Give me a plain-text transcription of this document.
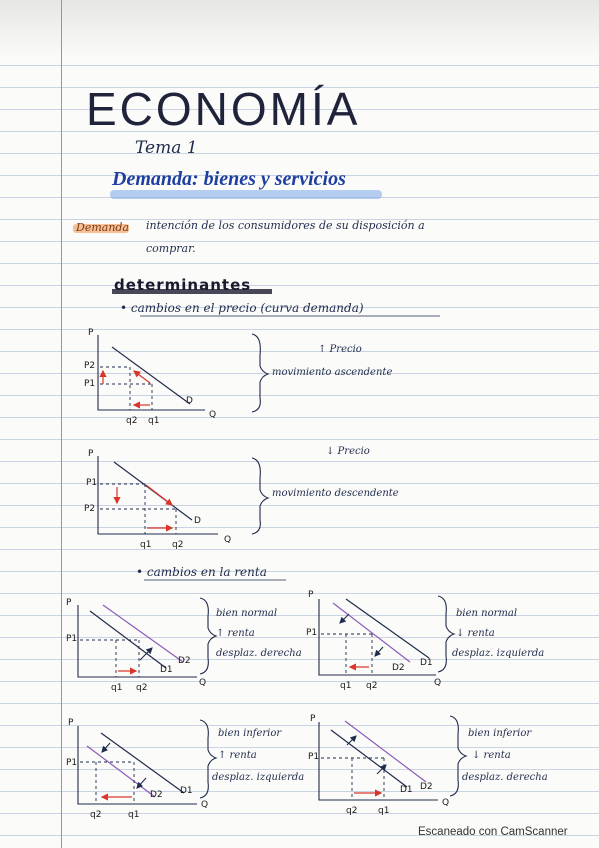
ECONOMÍA
Tema 1
Demanda: bienes y servicios
Demanda intención de los consumidores de su disposición a
comprar.
determinantes
• cambios en el precio (curva demanda)
P
P2
P1
D
q2 q1
Q
↑ Precio
movimiento ascendente
P
P1
P2
D
q1 q2	Q
↓ Precio
movimiento descendente
• cambios en la renta
P
P1
D2
D1
q1 q2	Q
bien normal
↑ renta
desplaz. derecha
P
P1
D2 D1
q1 q2	Q
bien normal
↓ renta
desplaz. izquierda
P
P1
D2 D1
q2	q1
Q
bien inferior
↑ renta
desplaz. izquierda
P
P1
D1 D2
q2 q1
Q
bien inferior
↓ renta
desplaz. derecha
Escaneado con CamScanner
